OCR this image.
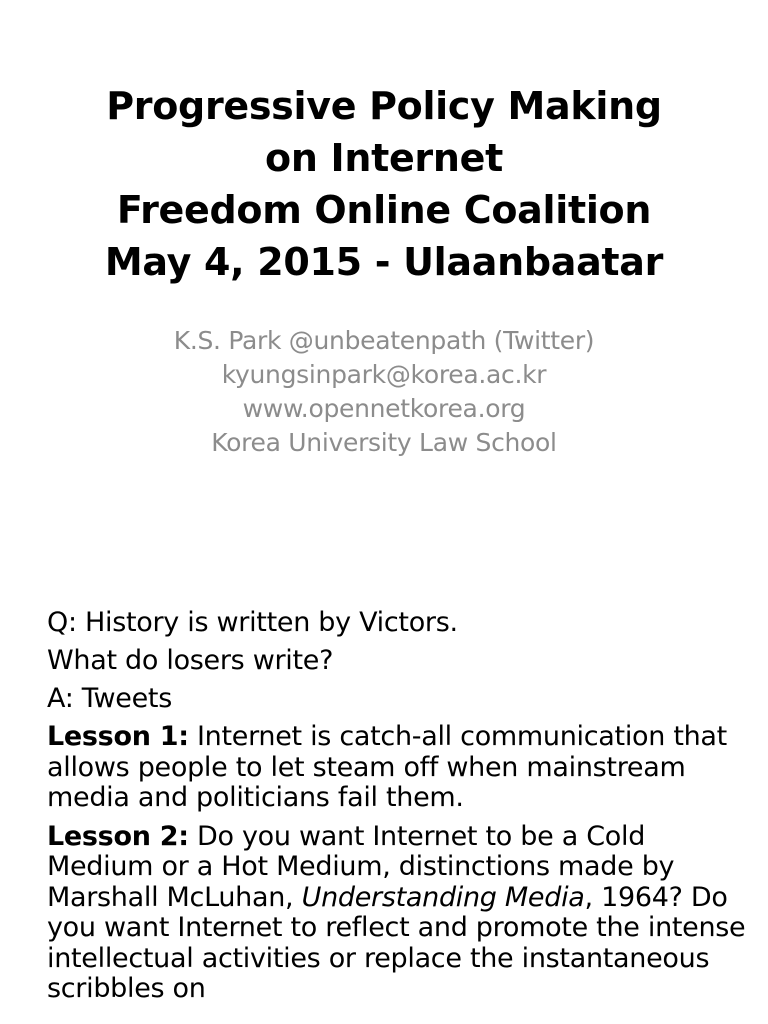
Progressive Policy Making
on Internet
Freedom Online Coalition
May 4, 2015 - Ulaanbaatar
K.S. Park @unbeatenpath (Twitter)
kyungsinpark@korea.ac.kr
www.opennetkorea.org
Korea University Law School
Q: History is written by Victors.
What do losers write?
A: Tweets
Lesson 1: Internet is catch-all communication that allows people to let steam off when mainstream media and politicians fail them.
Lesson 2: Do you want Internet to be a Cold Medium or a Hot Medium, distinctions made by Marshall McLuhan, Understanding Media, 1964? Do you want Internet to reflect and promote the intense intellectual activities or replace the instantaneous scribbles on
